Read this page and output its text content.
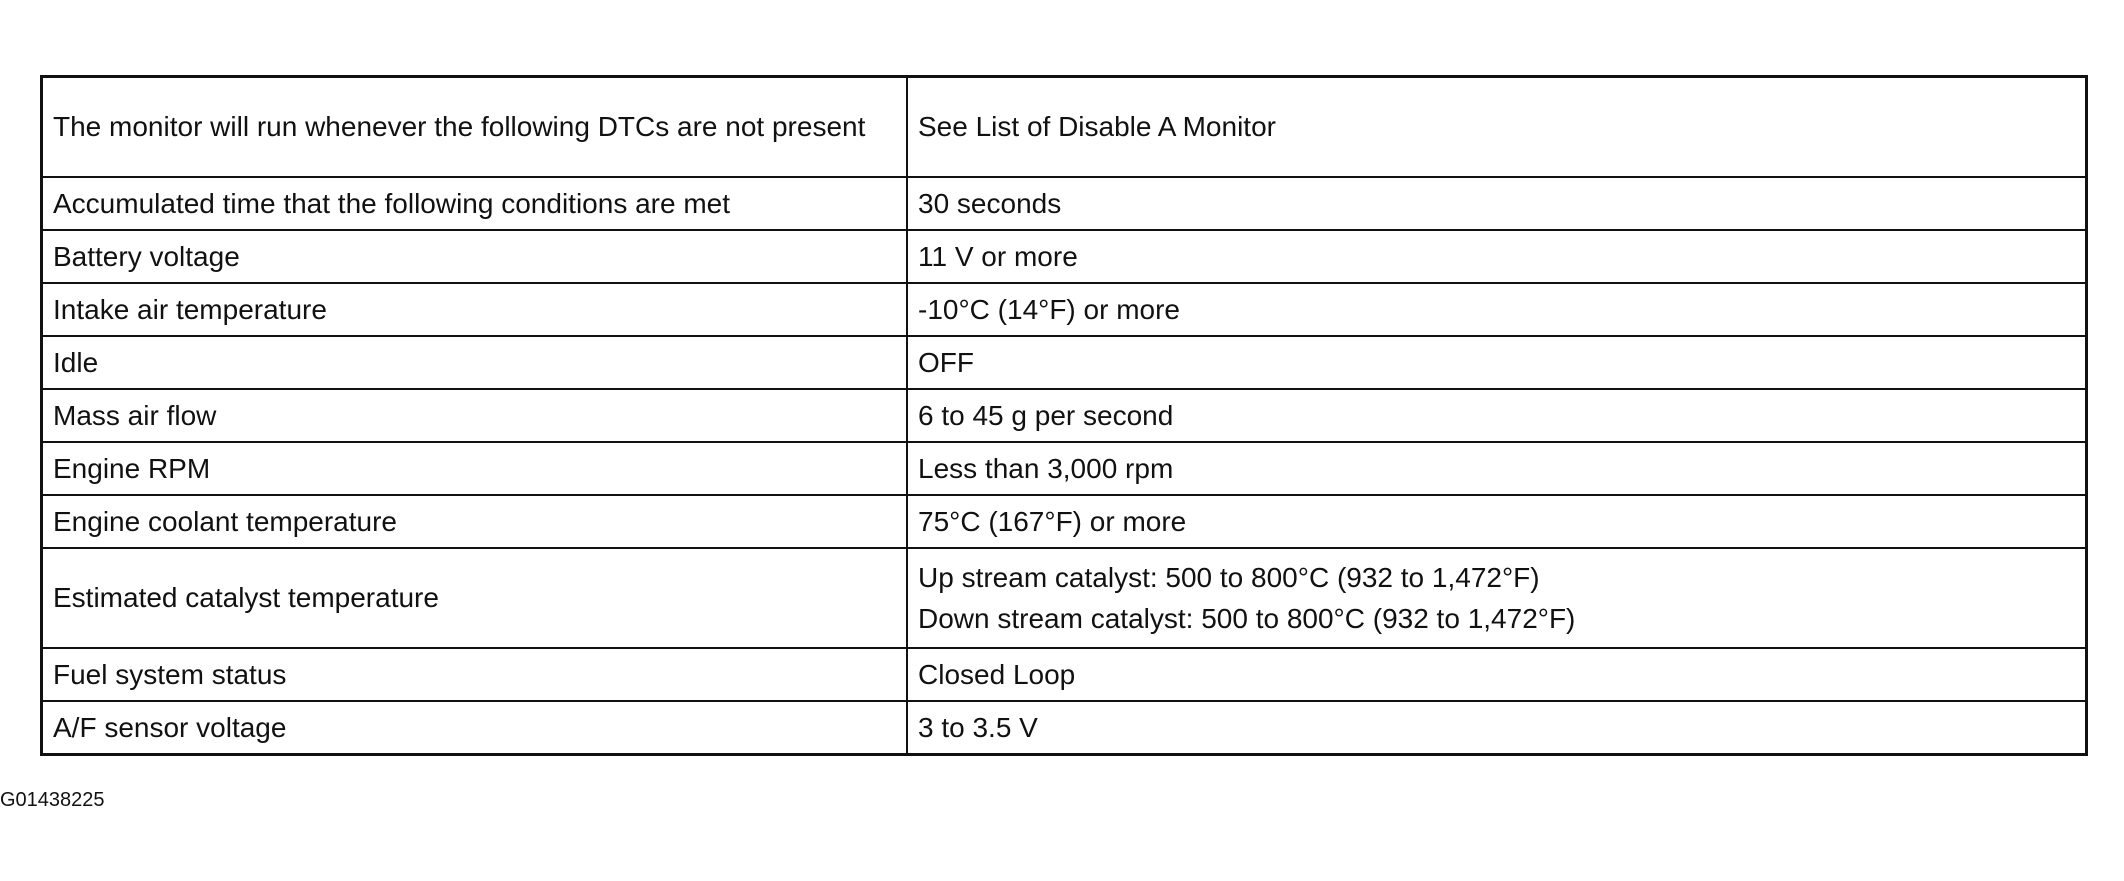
The monitor will run whenever the following DTCs are not present	See List of Disable A Monitor
Accumulated time that the following conditions are met	30 seconds
Battery voltage	11 V or more
Intake air temperature	-10°C (14°F) or more
Idle	OFF
Mass air flow	6 to 45 g per second
Engine RPM	Less than 3,000 rpm
Engine coolant temperature	75°C (167°F) or more
Estimated catalyst temperature	Up stream catalyst: 500 to 800°C (932 to 1,472°F)
Down stream catalyst: 500 to 800°C (932 to 1,472°F)

Fuel system status	Closed Loop
A/F sensor voltage	3 to 3.5 V
G01438225
